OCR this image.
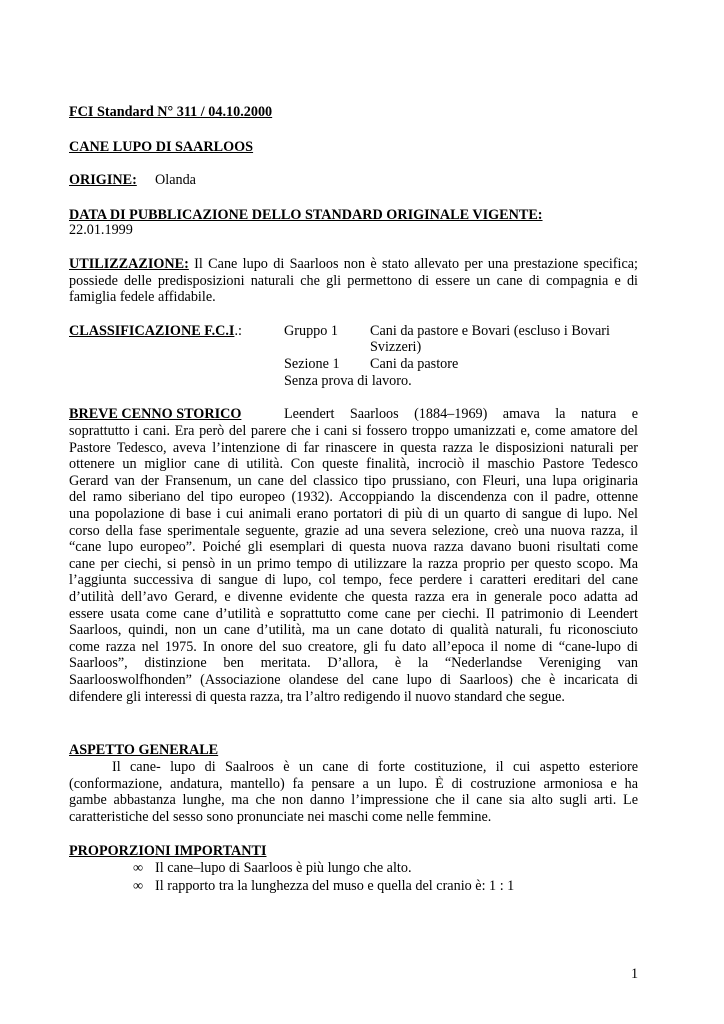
FCI Standard N° 311 / 04.10.2000
CANE LUPO DI SAARLOOS
ORIGINE: Olanda
DATA DI PUBBLICAZIONE DELLO STANDARD ORIGINALE VIGENTE:
22.01.1999
UTILIZZAZIONE: Il Cane lupo di Saarloos non è stato allevato per una prestazione specifica;
possiede delle predisposizioni naturali che gli permettono di essere un cane di compagnia e di
famiglia fedele affidabile.
CLASSIFICAZIONE F.C.I.:	Gruppo 1 Cani da pastore e Bovari (escluso i Bovari
Svizzeri)
Sezione 1 Cani da pastore
Senza prova di lavoro.
BREVE CENNO STORICO	Leendert Saarloos (1884–1969) amava la natura e
soprattutto i cani. Era però del parere che i cani si fossero troppo umanizzati e, come amatore del
Pastore Tedesco, aveva l’intenzione di far rinascere in questa razza le disposizioni naturali per
ottenere un miglior cane di utilità. Con queste finalità, incrociò il maschio Pastore Tedesco
Gerard van der Fransenum, un cane del classico tipo prussiano, con Fleuri, una lupa originaria
del ramo siberiano del tipo europeo (1932). Accoppiando la discendenza con il padre, ottenne
una popolazione di base i cui animali erano portatori di più di un quarto di sangue di lupo. Nel
corso della fase sperimentale seguente, grazie ad una severa selezione, creò una nuova razza, il
“cane lupo europeo”. Poiché gli esemplari di questa nuova razza davano buoni risultati come
cane per ciechi, si pensò in un primo tempo di utilizzare la razza proprio per questo scopo. Ma
l’aggiunta successiva di sangue di lupo, col tempo, fece perdere i caratteri ereditari del cane
d’utilità dell’avo Gerard, e divenne evidente che questa razza era in generale poco adatta ad
essere usata come cane d’utilità e soprattutto come cane per ciechi. Il patrimonio di Leendert
Saarloos, quindi, non un cane d’utilità, ma un cane dotato di qualità naturali, fu riconosciuto
come razza nel 1975. In onore del suo creatore, gli fu dato all’epoca il nome di “cane-lupo di
Saarloos”, distinzione ben meritata. D’allora, è la “Nederlandse Vereniging van
Saarlooswolfhonden” (Associazione olandese del cane lupo di Saarloos) che è incaricata di
difendere gli interessi di questa razza, tra l’altro redigendo il nuovo standard che segue.
ASPETTO GENERALE
Il cane- lupo di Saalroos è un cane di forte costituzione, il cui aspetto esteriore
(conformazione, andatura, mantello) fa pensare a un lupo. È di costruzione armoniosa e ha
gambe abbastanza lunghe, ma che non danno l’impressione che il cane sia alto sugli arti. Le
caratteristiche del sesso sono pronunciate nei maschi come nelle femmine.
PROPORZIONI IMPORTANTI
∞ Il cane–lupo di Saarloos è più lungo che alto.
∞ Il rapporto tra la lunghezza del muso e quella del cranio è: 1 : 1
1
